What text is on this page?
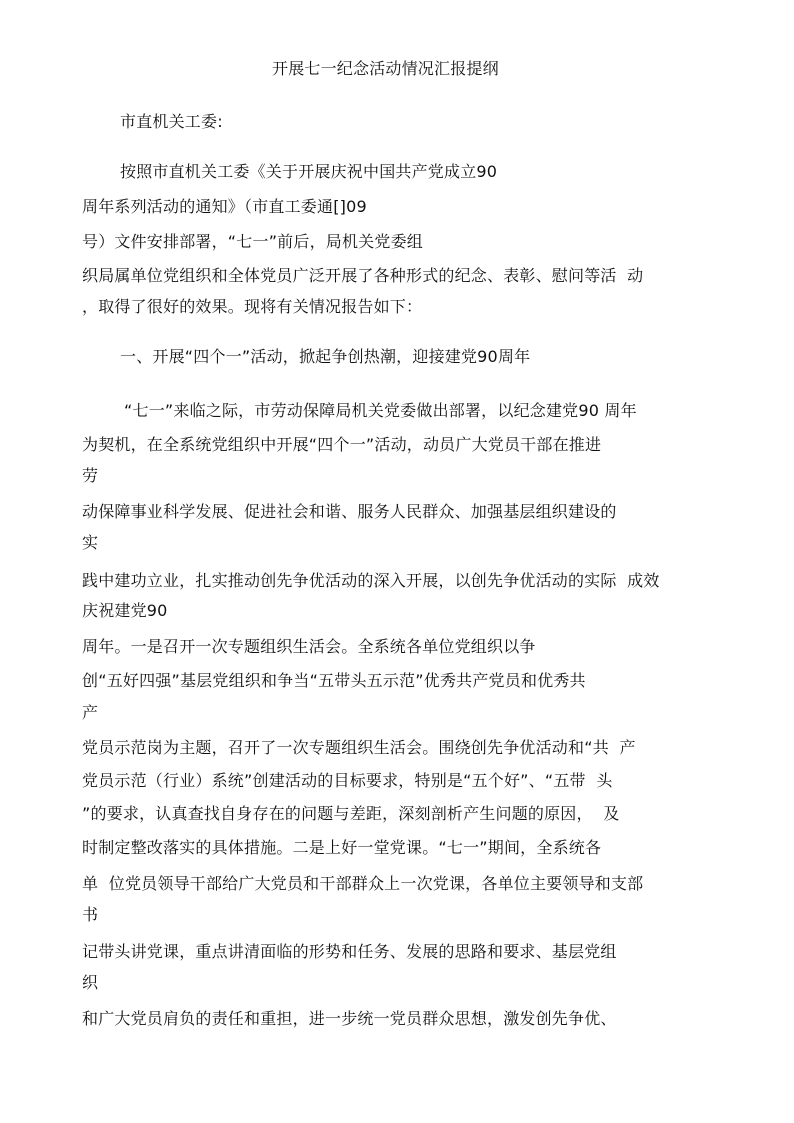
开展七一纪念活动情况汇报提纲
市直机关工委:
按照市直机关工委《关于开展庆祝中国共产党成立90
周年系列活动的通知》（市直工委通[]09
号）文件安排部署，“七一”前后，局机关党委组
织局属单位党组织和全体党员广泛开展了各种形式的纪念、表彰、慰问等活  动
，取得了很好的效果。现将有关情况报告如下：
一、开展“四个一”活动，掀起争创热潮，迎接建党90周年
“七一”来临之际，市劳动保障局机关党委做出部署，以纪念建党90 周年
为契机，在全系统党组织中开展“四个一”活动，动员广大党员干部在推进
劳
动保障事业科学发展、促进社会和谐、服务人民群众、加强基层组织建设的
实
践中建功立业，扎实推动创先争优活动的深入开展，以创先争优活动的实际  成效
庆祝建党90
周年。一是召开一次专题组织生活会。全系统各单位党组织以争
创“五好四强”基层党组织和争当“五带头五示范”优秀共产党员和优秀共
产
党员示范岗为主题，召开了一次专题组织生活会。围绕创先争优活动和“共  产
党员示范（行业）系统”创建活动的目标要求，特别是“五个好”、“五带  头
”的要求，认真查找自身存在的问题与差距，深刻剖析产生问题的原因，  及
时制定整改落实的具体措施。二是上好一堂党课。“七一”期间，全系统各
单  位党员领导干部给广大党员和干部群众上一次党课，各单位主要领导和支部
书
记带头讲党课，重点讲清面临的形势和任务、发展的思路和要求、基层党组
织
和广大党员肩负的责任和重担，进一步统一党员群众思想，激发创先争优、
